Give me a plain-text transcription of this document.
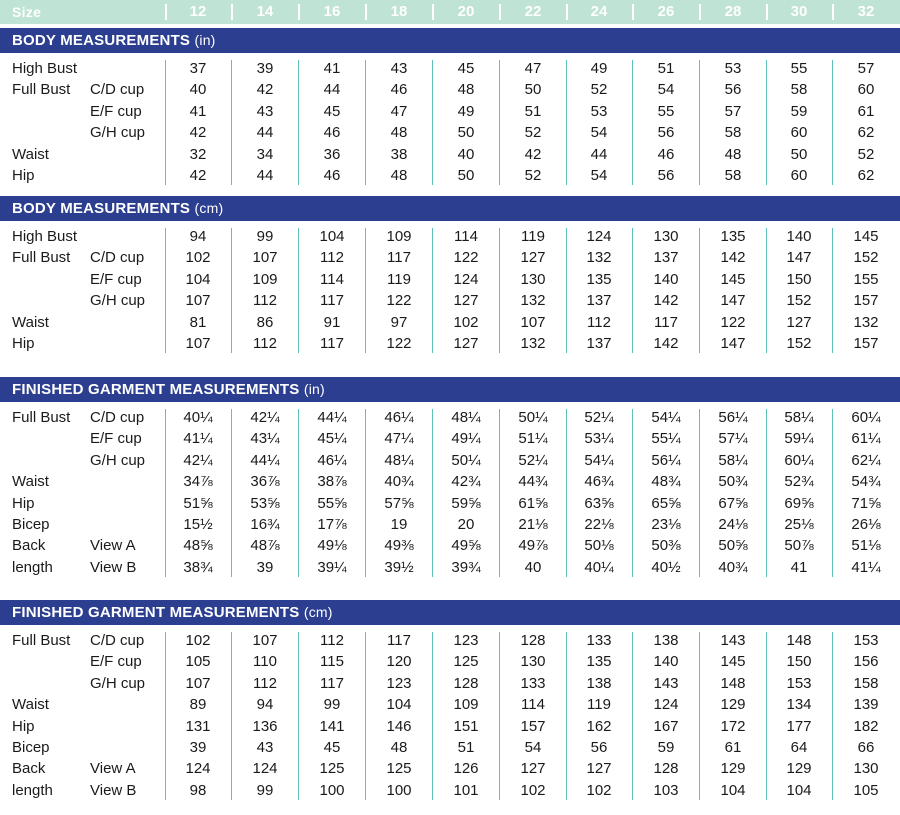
Size	12	14	16	18	20	22	24	26	28	30	32
BODY MEASUREMENTS (in)
High Bust	37	39	41	43	45	47	49	51	53	55	57
Full Bust C/D cup	40	42	44	46	48	50	52	54	56	58	60
E/F cup	41	43	45	47	49	51	53	55	57	59	61
G/H cup	42	44	46	48	50	52	54	56	58	60	62
Waist	32	34	36	38	40	42	44	46	48	50	52
Hip	42	44	46	48	50	52	54	56	58	60	62
BODY MEASUREMENTS (cm)
High Bust	94	99	104	109	114	119	124	130	135	140	145
Full Bust C/D cup	102	107	112	117	122	127	132	137	142	147	152
E/F cup	104	109	114	119	124	130	135	140	145	150	155
G/H cup	107	112	117	122	127	132	137	142	147	152	157
Waist	81	86	91	97	102	107	112	117	122	127	132
Hip	107	112	117	122	127	132	137	142	147	152	157
FINISHED GARMENT MEASUREMENTS (in)
Full Bust C/D cup	40¼	42¼	44¼	46¼	48¼	50¼	52¼	54¼	56¼	58¼	60¼
E/F cup	41¼	43¼	45¼	47¼	49¼	51¼	53¼	55¼	57¼	59¼	61¼
G/H cup	42¼	44¼	46¼	48¼	50¼	52¼	54¼	56¼	58¼	60¼	62¼
Waist	34⅞	36⅞	38⅞	40¾	42¾	44¾	46¾	48¾	50¾	52¾	54¾
Hip	51⅝	53⅝	55⅝	57⅝	59⅝	61⅝	63⅝	65⅝	67⅝	69⅝	71⅝
Bicep	15½	16¾	17⅞	19	20	21⅛	22⅛	23⅛	24⅛	25⅛	26⅛
Back	View A	48⅝	48⅞	49⅛	49⅜	49⅝	49⅞	50⅛	50⅜	50⅝	50⅞	51⅛
length View B	38¾	39	39¼	39½	39¾	40	40¼	40½	40¾	41	41¼
FINISHED GARMENT MEASUREMENTS (cm)
Full Bust C/D cup	102	107	112	117	123	128	133	138	143	148	153
E/F cup	105	110	115	120	125	130	135	140	145	150	156
G/H cup	107	112	117	123	128	133	138	143	148	153	158
Waist	89	94	99	104	109	114	119	124	129	134	139
Hip	131	136	141	146	151	157	162	167	172	177	182
Bicep	39	43	45	48	51	54	56	59	61	64	66
Back	View A	124	124	125	125	126	127	127	128	129	129	130
length View B	98	99	100	100	101	102	102	103	104	104	105
